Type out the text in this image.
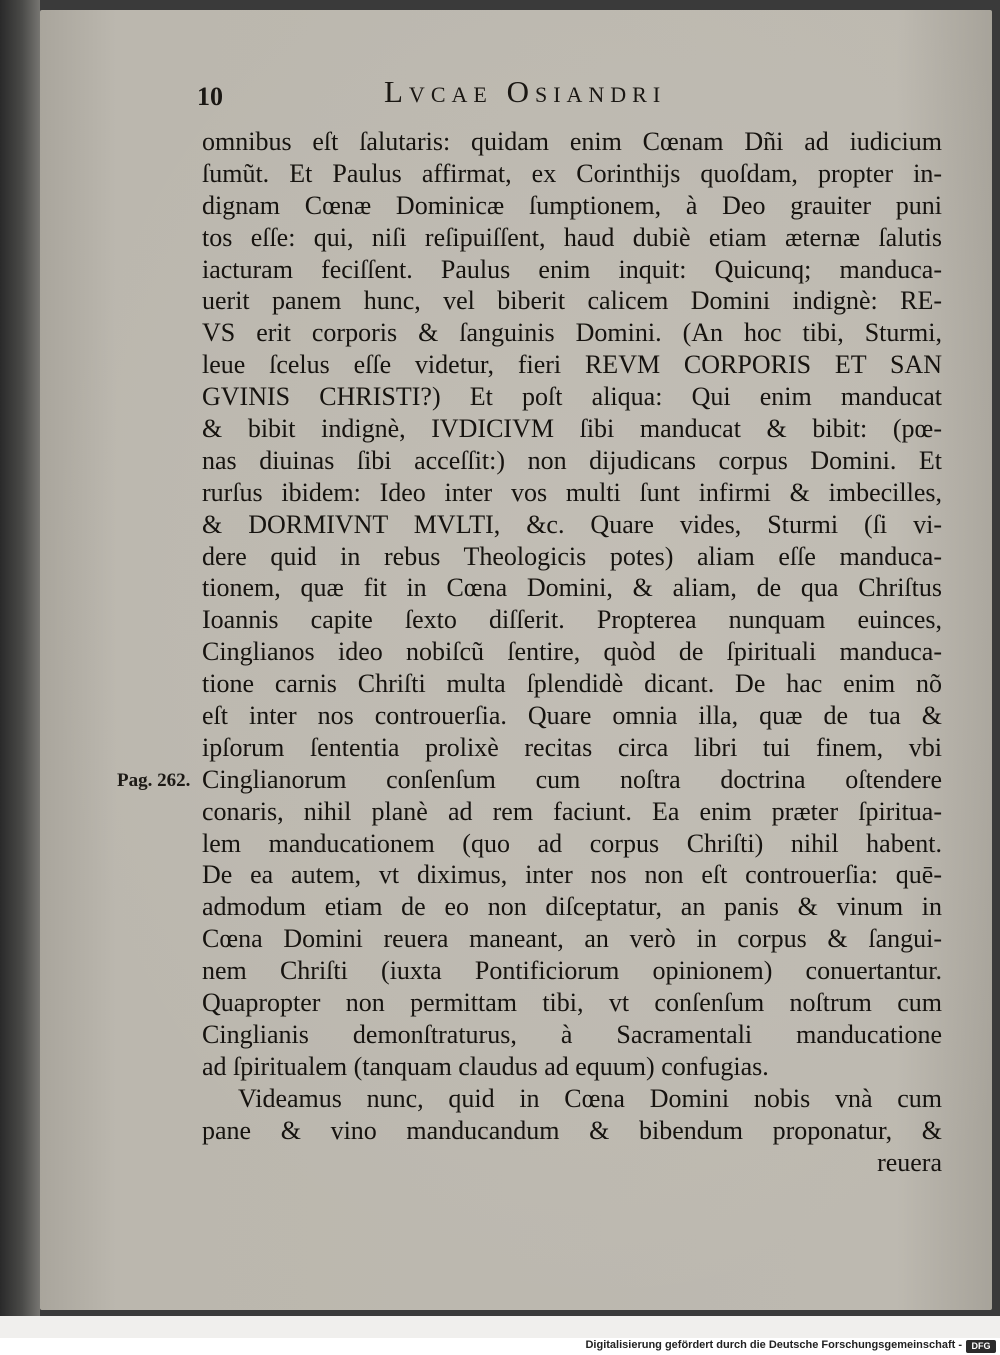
10	Lvcae Osiandri

Pag. 262.

omnibus eſt ſalutaris: quidam enim Cœnam Dñi ad iudicium
ſumũt. Et Paulus affirmat, ex Corinthijs quoſdam, propter in-
dignam Cœnæ Dominicæ ſumptionem, à Deo grauiter puni
tos eſſe: qui, niſi reſipuiſſent, haud dubiè etiam æternæ ſalutis
iacturam feciſſent. Paulus enim inquit: Quicunq; manduca-
uerit panem hunc, vel biberit calicem Domini indignè: RE-
VS erit corporis & ſanguinis Domini. (An hoc tibi, Sturmi,
leue ſcelus eſſe videtur, fieri REVM CORPORIS ET SAN
GVINIS CHRISTI?) Et poſt aliqua: Qui enim manducat
& bibit indignè, IVDICIVM ſibi manducat & bibit: (pœ-
nas diuinas ſibi acceſſit:) non dijudicans corpus Domini. Et
rurſus ibidem: Ideo inter vos multi ſunt infirmi & imbecilles,
& DORMIVNT MVLTI, &c. Quare vides, Sturmi (ſi vi-
dere quid in rebus Theologicis potes) aliam eſſe manduca-
tionem, quæ fit in Cœna Domini, & aliam, de qua Chriſtus
Ioannis capite ſexto diſſerit. Propterea nunquam euinces,
Cinglianos ideo nobiſcũ ſentire, quòd de ſpirituali manduca-
tione carnis Chriſti multa ſplendidè dicant. De hac enim nõ
eſt inter nos controuerſia. Quare omnia illa, quæ de tua &
ipſorum ſententia prolixè recitas circa libri tui finem, vbi
Cinglianorum conſenſum cum noſtra doctrina oſtendere
conaris, nihil planè ad rem faciunt. Ea enim præter ſpiritua-
lem manducationem (quo ad corpus Chriſti) nihil habent.
De ea autem, vt diximus, inter nos non eſt controuerſia: quē-
admodum etiam de eo non diſceptatur, an panis & vinum in
Cœna Domini reuera maneant, an verò in corpus & ſangui-
nem Chriſti (iuxta Pontificiorum opinionem) conuertantur.
Quapropter non permittam tibi, vt conſenſum noſtrum cum
Cinglianis demonſtraturus, à Sacramentali manducatione
ad ſpiritualem (tanquam claudus ad equum) confugias.
Videamus nunc, quid in Cœna Domini nobis vnà cum
pane & vino manducandum & bibendum proponatur, &
reuera

Digitalisierung gefördert durch die Deutsche Forschungsgemeinschaft -	DFG
